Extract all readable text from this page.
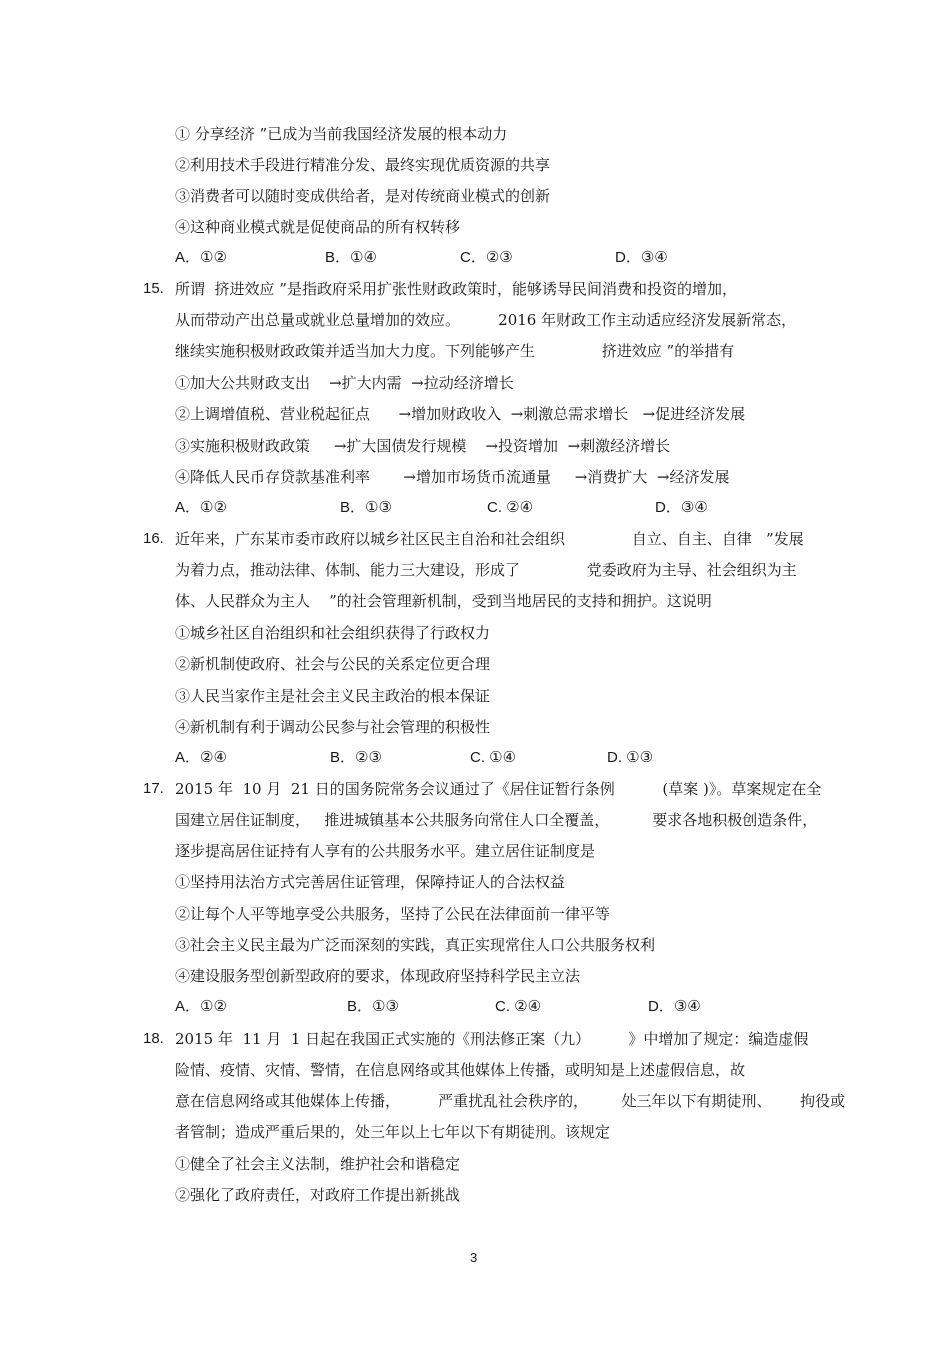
① 分享经济 ”已成为当前我国经济发展的根本动力
②利用技术手段进行精准分发、最终实现优质资源的共享
③消费者可以随时变成供给者，是对传统商业模式的创新
④这种商业模式就是促使商品的所有权转移
A．①②	B．①④	C．②③	D．③④
15. 所谓  挤进效应 ”是指政府采用扩张性财政政策时，能够诱导民间消费和投资的增加，
从而带动产出总量或就业总量增加的效应。        2016 年财政工作主动适应经济发展新常态，
继续实施积极财政政策并适当加大力度。下列能够产生              挤进效应 ”的举措有
①加大公共财政支出    →扩大内需  →拉动经济增长
②上调增值税、营业税起征点      →增加财政收入  →刺激总需求增长   →促进经济发展
③实施积极财政政策     →扩大国债发行规模    →投资增加  →刺激经济增长
④降低人民币存贷款基准利率       →增加市场货币流通量     →消费扩大  →经济发展
A．①②	B．①③	C. ②④	D．③④
16. 近年来，广东某市委市政府以城乡社区民主自治和社会组织              自立、自主、自律   ”发展
为着力点，推动法律、体制、能力三大建设，形成了              党委政府为主导、社会组织为主
体、人民群众为主人    ”的社会管理新机制，受到当地居民的支持和拥护。这说明
①城乡社区自治组织和社会组织获得了行政权力
②新机制使政府、社会与公民的关系定位更合理
③人民当家作主是社会主义民主政治的根本保证
④新机制有利于调动公民参与社会管理的积极性
A．②④	B．②③	C. ①④	D. ①③
17. 2015 年  10 月  21 日的国务院常务会议通过了《居住证暂行条例          (草案 )》。草案规定在全
国建立居住证制度，   推进城镇基本公共服务向常住人口全覆盖，         要求各地积极创造条件，
逐步提高居住证持有人享有的公共服务水平。建立居住证制度是
①坚持用法治方式完善居住证管理，保障持证人的合法权益
②让每个人平等地享受公共服务，坚持了公民在法律面前一律平等
③社会主义民主最为广泛而深刻的实践，真正实现常住人口公共服务权利
④建设服务型创新型政府的要求，体现政府坚持科学民主立法
A．①②	B．①③	C. ②④	D．③④
18. 2015 年  11 月  1 日起在我国正式实施的《刑法修正案（九）        》中增加了规定：编造虚假
险情、疫情、灾情、警情，在信息网络或其他媒体上传播，或明知是上述虚假信息，故
意在信息网络或其他媒体上传播，        严重扰乱社会秩序的，       处三年以下有期徒刑、      拘役或
者管制；造成严重后果的，处三年以上七年以下有期徒刑。该规定
①健全了社会主义法制，维护社会和谐稳定
②强化了政府责任，对政府工作提出新挑战
3
